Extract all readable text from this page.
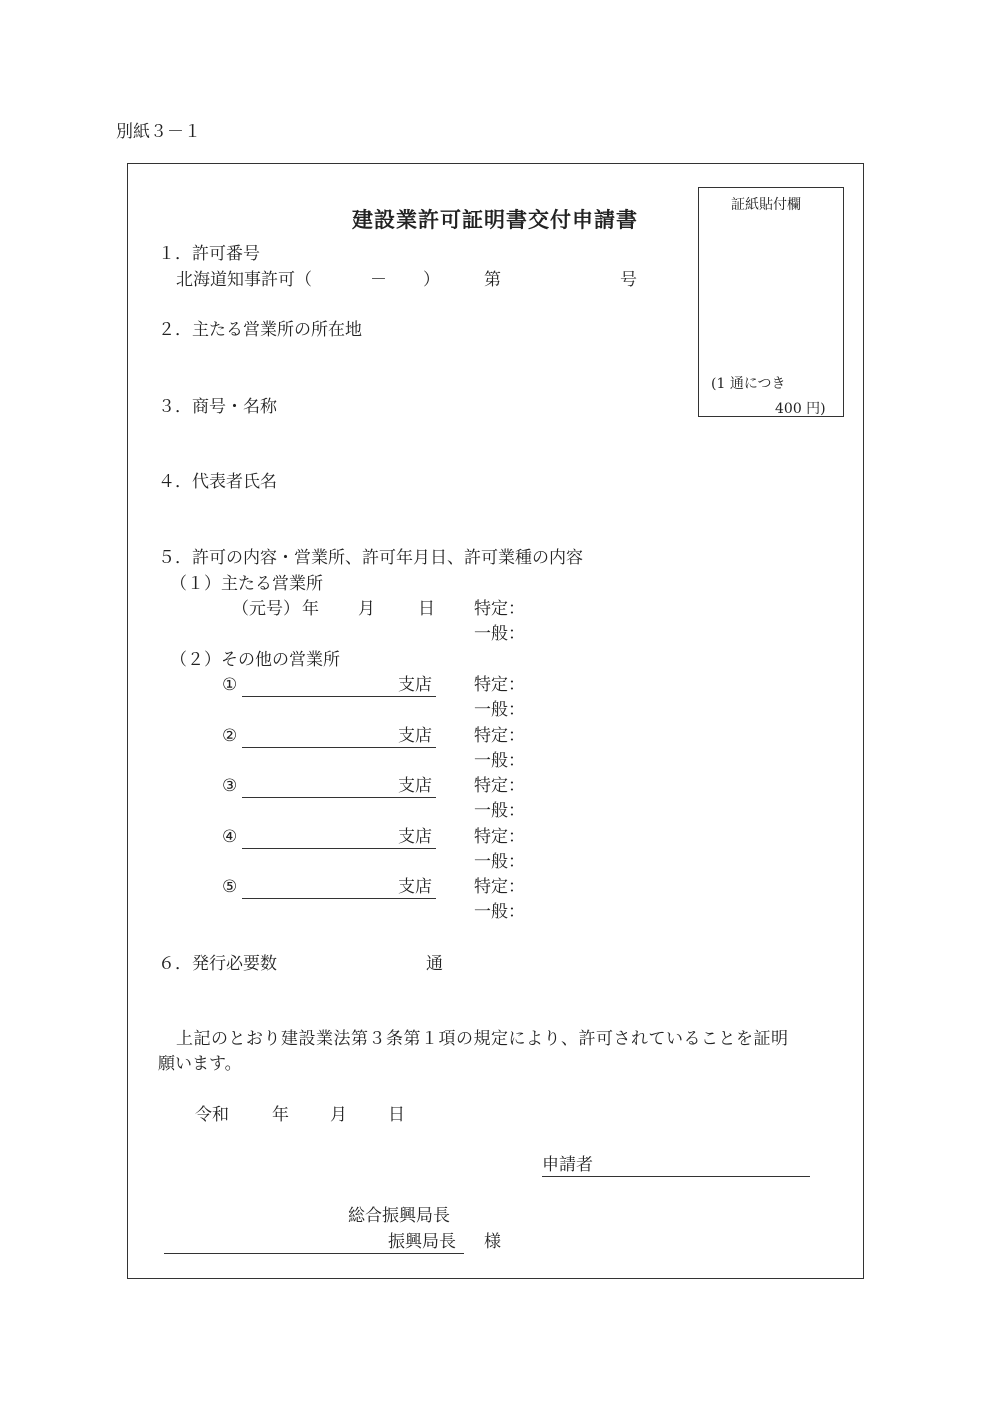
別紙３－１
証紙貼付欄
(1 通につき
400 円)
建設業許可証明書交付申請書
１．許可番号
北海道知事許可（	－ ）	第	号
２．主たる営業所の所在地
３．商号・名称
４．代表者氏名
５．許可の内容・営業所、許可年月日、許可業種の内容
（１）主たる営業所
（元号） 年 月	日 特定：
一般：
（２）その他の営業所
①	支店 特定：
一般：
②	支店 特定：
一般：
③	支店 特定：
一般：
④	支店 特定：
一般：
⑤	支店 特定：
一般：
６．発行必要数	通
上記のとおり建設業法第３条第１項の規定により、許可されていることを証明
願います。
令和	年 月 日
申請者
総合振興局長
振興局長 様
